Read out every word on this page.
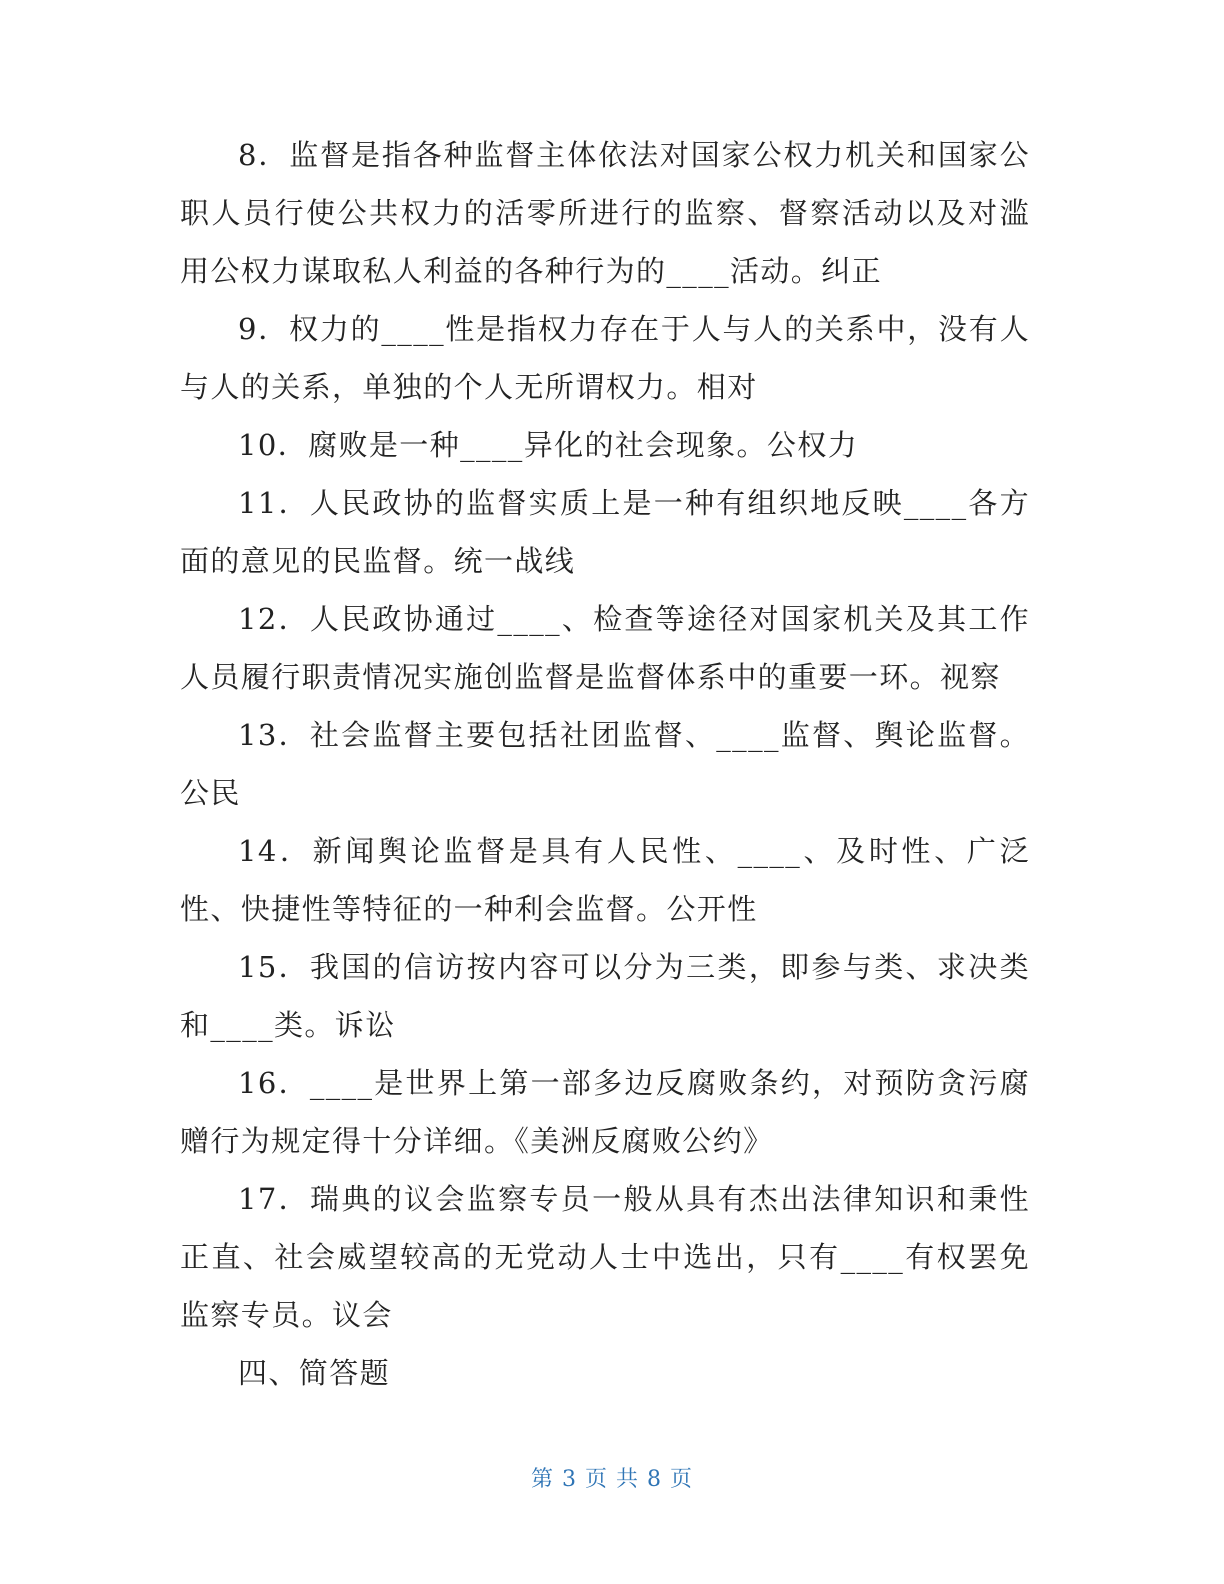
8．监督是指各种监督主体依法对国家公权力机关和国家公职人员行使公共权力的活零所进行的监察、督察活动以及对滥用公权力谋取私人利益的各种行为的____活动。纠正

9．权力的____性是指权力存在于人与人的关系中，没有人与人的关系，单独的个人无所谓权力。相对

10．腐败是一种____异化的社会现象。公权力

11．人民政协的监督实质上是一种有组织地反映____各方面的意见的民监督。统一战线

12．人民政协通过____、检查等途径对国家机关及其工作人员履行职责情况实施创监督是监督体系中的重要一环。视察

13．社会监督主要包括社团监督、____监督、舆论监督。公民

14．新闻舆论监督是具有人民性、____、及时性、广泛性、快捷性等特征的一种利会监督。公开性

15．我国的信访按内容可以分为三类，即参与类、求决类和____类。诉讼

16．____是世界上第一部多边反腐败条约，对预防贪污腐赠行为规定得十分详细。《美洲反腐败公约》

17．瑞典的议会监察专员一般从具有杰出法律知识和秉性正直、社会威望较高的无党动人士中选出，只有____有权罢免监察专员。议会

四、简答题

第 3 页 共 8 页
